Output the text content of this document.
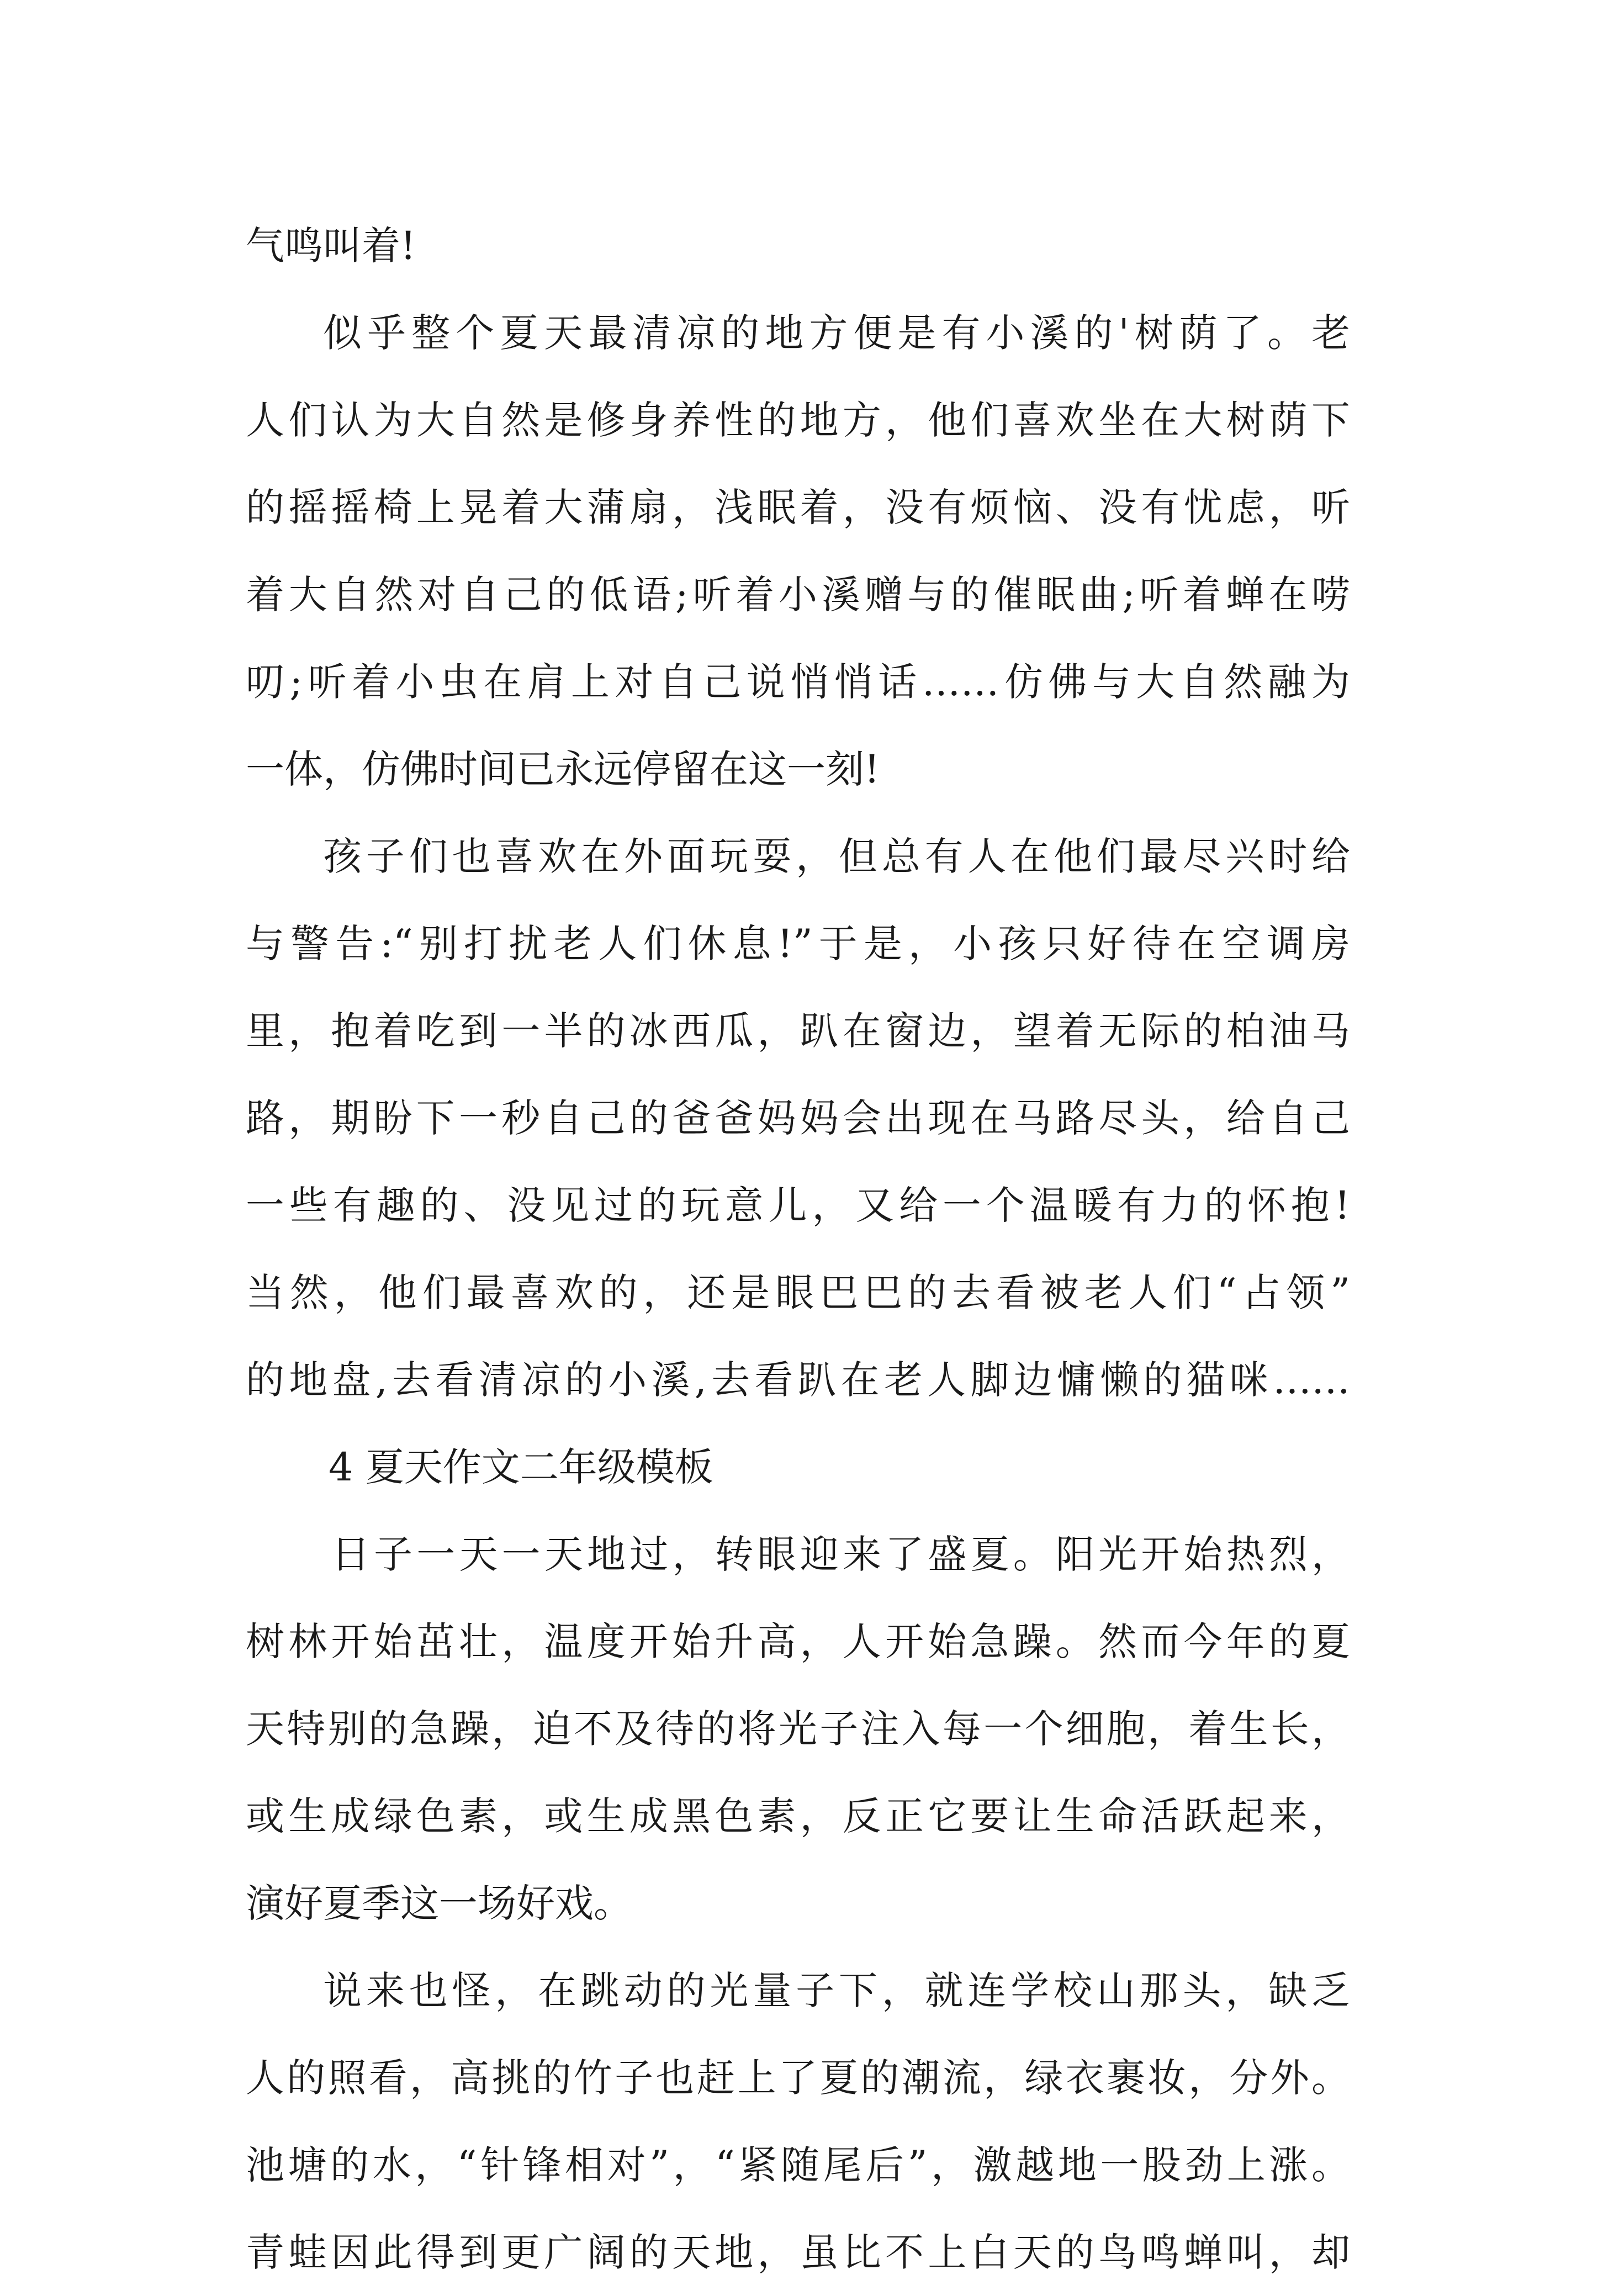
气鸣叫着!
似乎整个夏天最清凉的地方便是有小溪的'树荫了。老
人们认为大自然是修身养性的地方，他们喜欢坐在大树荫下
的摇摇椅上晃着大蒲扇，浅眠着，没有烦恼、没有忧虑，听
着大自然对自己的低语;听着小溪赠与的催眠曲;听着蝉在唠
叨;听着小虫在肩上对自己说悄悄话……仿佛与大自然融为
一体，仿佛时间已永远停留在这一刻!
孩子们也喜欢在外面玩耍，但总有人在他们最尽兴时给
与警告:“别打扰老人们休息!”于是，小孩只好待在空调房
里，抱着吃到一半的冰西瓜，趴在窗边，望着无际的柏油马
路，期盼下一秒自己的爸爸妈妈会出现在马路尽头，给自己
一些有趣的、没见过的玩意儿，又给一个温暖有力的怀抱!
当然，他们最喜欢的，还是眼巴巴的去看被老人们“占领”
的地盘,去看清凉的小溪,去看趴在老人脚边慵懒的猫咪……
4 夏天作文二年级模板
日子一天一天地过，转眼迎来了盛夏。阳光开始热烈，
树林开始茁壮，温度开始升高，人开始急躁。然而今年的夏
天特别的急躁，迫不及待的将光子注入每一个细胞，着生长，
或生成绿色素，或生成黑色素，反正它要让生命活跃起来，
演好夏季这一场好戏。
说来也怪，在跳动的光量子下，就连学校山那头，缺乏
人的照看，高挑的竹子也赶上了夏的潮流，绿衣裹妆，分外。
池塘的水，“针锋相对”，“紧随尾后”，激越地一股劲上涨。
青蛙因此得到更广阔的天地，虽比不上白天的鸟鸣蝉叫，却
